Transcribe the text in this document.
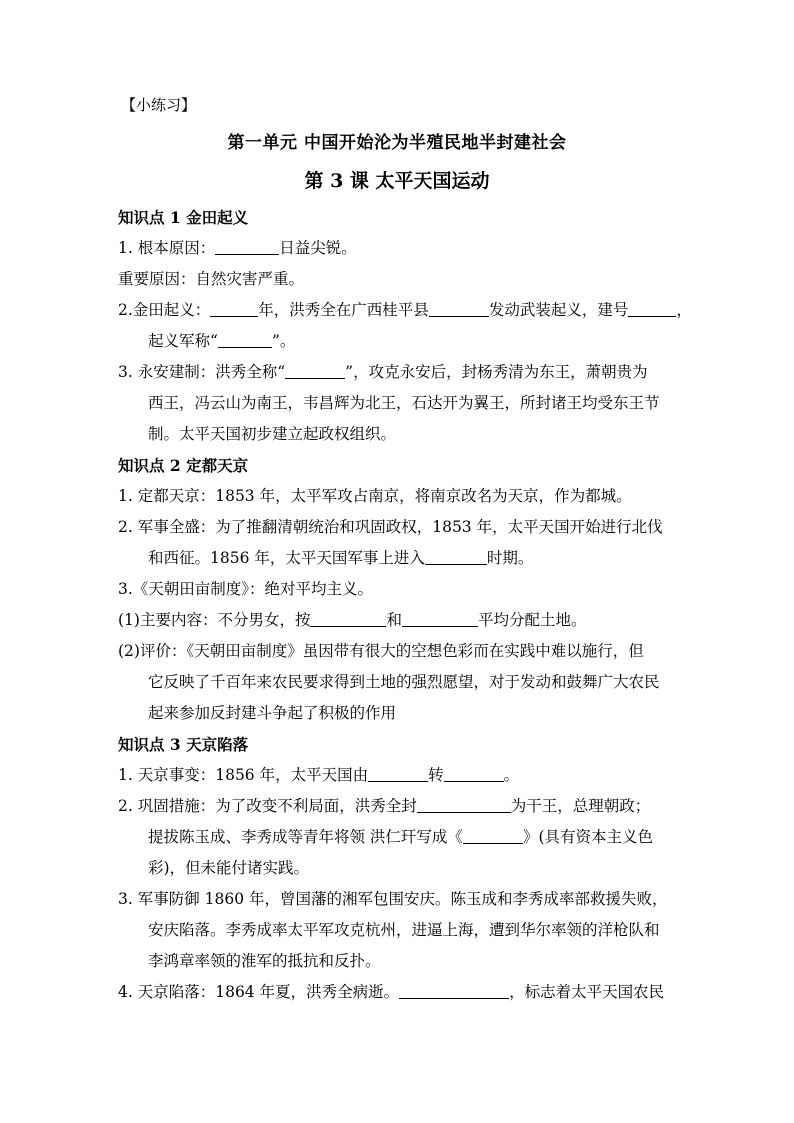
【小练习】
第一单元 中国开始沦为半殖民地半封建社会
第 3 课 太平天国运动
知识点 1 金田起义
1. 根本原因：	日益尖锐。
重要原因：自然灾害严重。
2.金田起义：	年，洪秀全在广西桂平县	发动武装起义，建号	，
起义军称“	”。
3. 永安建制：洪秀全称“	”，攻克永安后，封杨秀清为东王，萧朝贵为
西王，冯云山为南王，韦昌辉为北王，石达开为翼王，所封诸王均受东王节
制。太平天国初步建立起政权组织。
知识点 2 定都天京
1. 定都天京：1853 年，太平军攻占南京，将南京改名为天京，作为都城。
2. 军事全盛：为了推翻清朝统治和巩固政权，1853 年，太平天国开始进行北伐
和西征。1856 年，太平天国军事上进入	时期。
3.《天朝田亩制度》：绝对平均主义。
(1)主要内容：不分男女，按	和	平均分配土地。
(2)评价：《天朝田亩制度》虽因带有很大的空想色彩而在实践中难以施行，但
它反映了千百年来农民要求得到土地的强烈愿望，对于发动和鼓舞广大农民
起来参加反封建斗争起了积极的作用
知识点 3 天京陷落
1. 天京事变：1856 年，太平天国由	转	。
2. 巩固措施：为了改变不利局面，洪秀全封	为干王，总理朝政；
提拔陈玉成、李秀成等青年将领 洪仁玕写成《	》(具有资本主义色
彩)，但未能付诸实践。
3. 军事防御 1860 年，曾国藩的湘军包围安庆。陈玉成和李秀成率部救援失败，
安庆陷落。李秀成率太平军攻克杭州，进逼上海，遭到华尔率领的洋枪队和
李鸿章率领的淮军的抵抗和反扑。
4. 天京陷落：1864 年夏，洪秀全病逝。	，标志着太平天国农民
